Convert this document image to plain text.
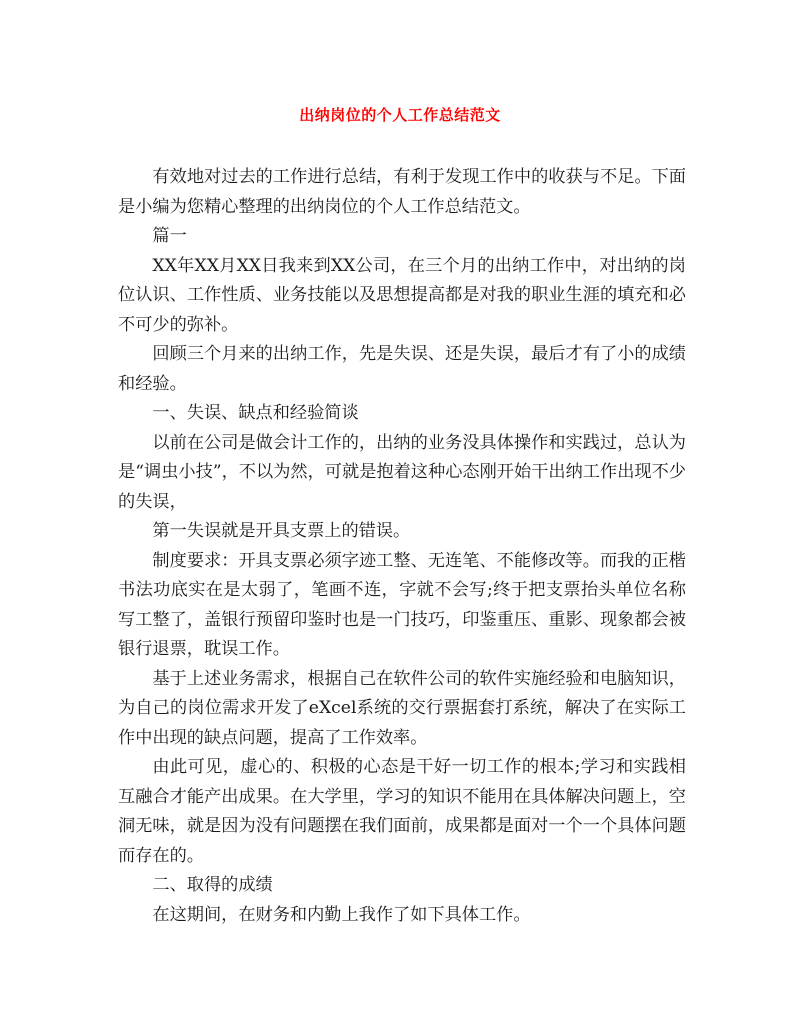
出纳岗位的个人工作总结范文

有效地对过去的工作进行总结，有利于发现工作中的收获与不足。下面是小编为您精心整理的出纳岗位的个人工作总结范文。

篇一

XX年XX月XX日我来到XX公司，在三个月的出纳工作中，对出纳的岗位认识、工作性质、业务技能以及思想提高都是对我的职业生涯的填充和必不可少的弥补。

回顾三个月来的出纳工作，先是失误、还是失误，最后才有了小的成绩和经验。

一、失误、缺点和经验简谈

以前在公司是做会计工作的，出纳的业务没具体操作和实践过，总认为是“调虫小技”，不以为然，可就是抱着这种心态刚开始干出纳工作出现不少的失误，

第一失误就是开具支票上的错误。

制度要求：开具支票必须字迹工整、无连笔、不能修改等。而我的正楷书法功底实在是太弱了，笔画不连，字就不会写;终于把支票抬头单位名称写工整了，盖银行预留印鉴时也是一门技巧，印鉴重压、重影、现象都会被银行退票，耽误工作。

基于上述业务需求，根据自己在软件公司的软件实施经验和电脑知识，为自己的岗位需求开发了eXcel系统的交行票据套打系统，解决了在实际工作中出现的缺点问题，提高了工作效率。

由此可见，虚心的、积极的心态是干好一切工作的根本;学习和实践相互融合才能产出成果。在大学里，学习的知识不能用在具体解决问题上，空洞无味，就是因为没有问题摆在我们面前，成果都是面对一个一个具体问题而存在的。

二、取得的成绩

在这期间，在财务和内勤上我作了如下具体工作。
